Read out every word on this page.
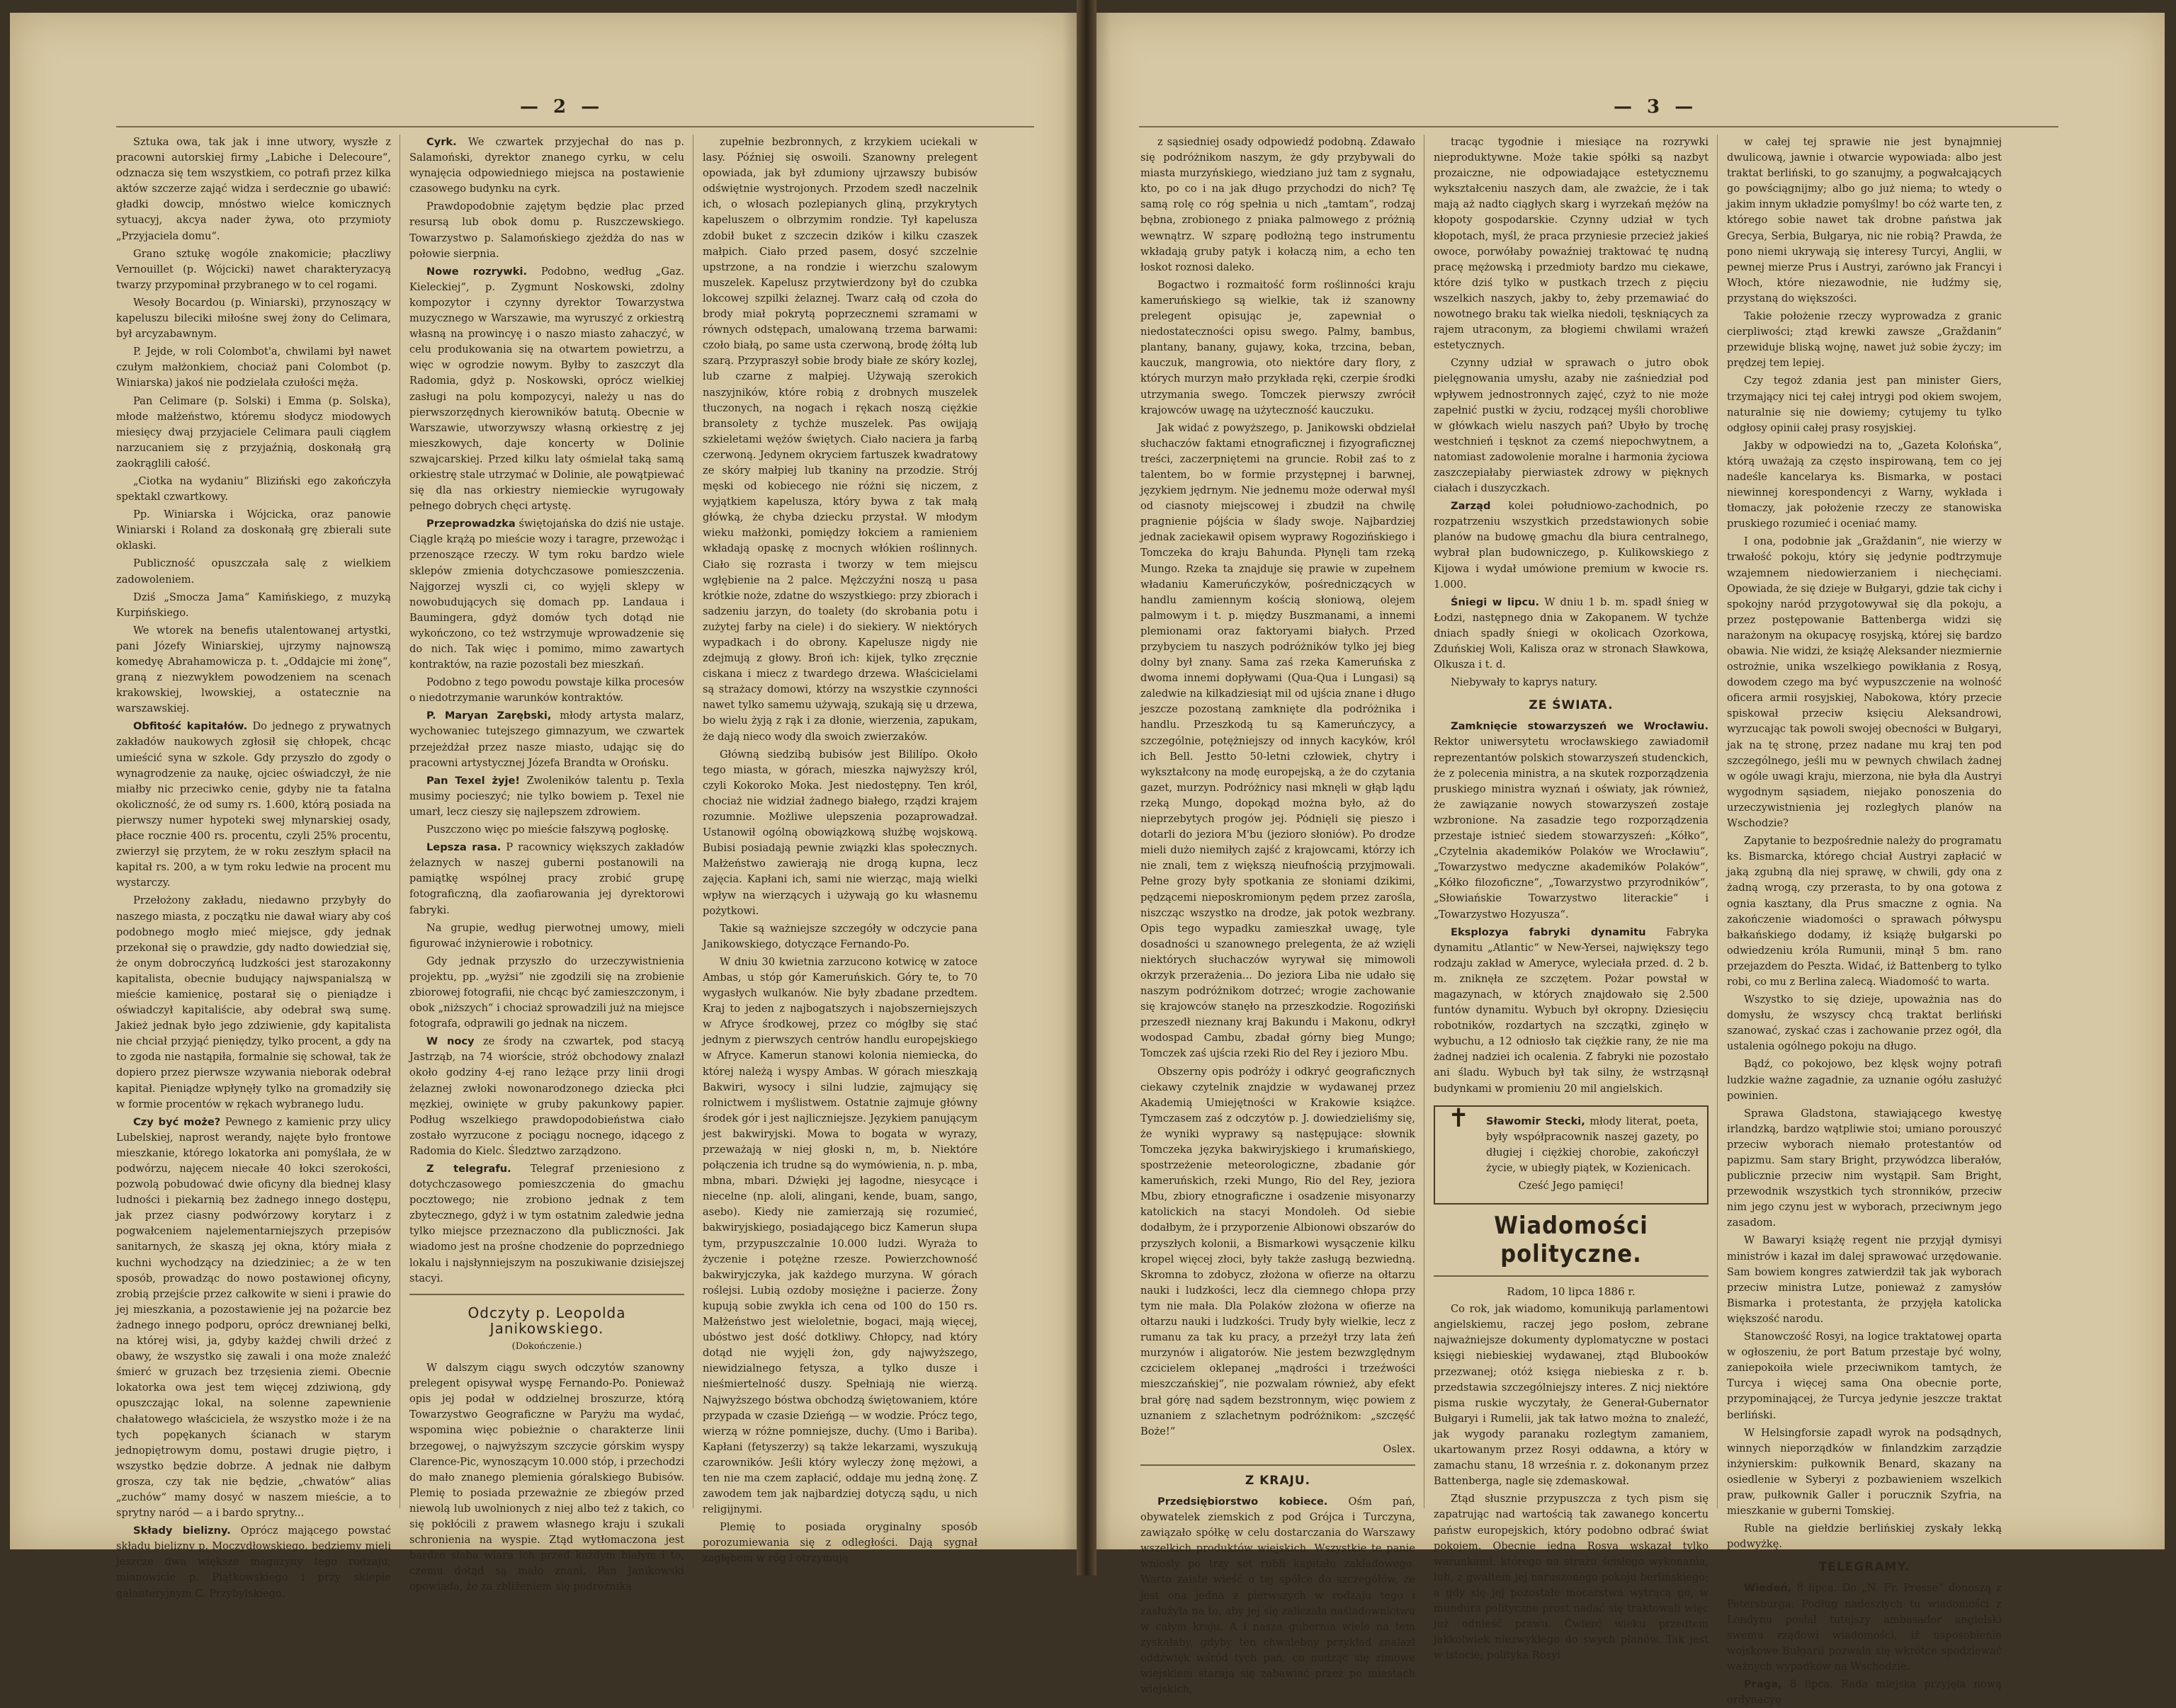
— 2 —

Sztuka owa, tak jak i inne utwory, wyszłe z pracowni autorskiej firmy „Labiche i Delecoure“, odznacza się tem wszystkiem, co potrafi przez kilka aktów szczerze zająć widza i serdecznie go ubawić: gładki dowcip, mnóstwo wielce komicznych sytuacyj, akcya nader żywa, oto przymioty „Przyjaciela domu“.

Grano sztukę wogóle znakomicie; płaczliwy Vernouillet (p. Wójcicki) nawet charakteryzacyą twarzy przypominał przybranego w to cel rogami.

Wesoły Bocardou (p. Winiarski), przynoszący w kapeluszu bileciki miłośne swej żony do Celimara, był arcyzabawnym.

P. Jejde, w roli Colombot'a, chwilami był nawet czułym małżonkiem, chociaż pani Colombot (p. Winiarska) jakoś nie podzielała czułości męża.

Pan Celimare (p. Solski) i Emma (p. Solska), młode małżeństwo, któremu słodycz miodowych miesięcy dwaj przyjaciele Celimara pauli ciągłem narzucaniem się z przyjaźnią, doskonałą grą zaokrąglili całość.

„Ciotka na wydaniu“ Bliziński ego zakończyła spektakl czwartkowy.

Pp. Winiarska i Wójcicka, oraz panowie Winiarski i Roland za doskonałą grę zbierali sute oklaski.

Publiczność opuszczała salę z wielkiem zadowoleniem.

Dziś „Smocza Jama“ Kamińskiego, z muzyką Kurpińskiego.

We wtorek na benefis utalentowanej artystki, pani Józefy Winiarskiej, ujrzymy najnowszą komedyę Abrahamowicza p. t. „Oddajcie mi żonę“, graną z niezwykłem powodzeniem na scenach krakowskiej, lwowskiej, a ostatecznie na warszawskiej.

Obfitość kapitałów. Do jednego z prywatnych zakładów naukowych zgłosił się chłopek, chcąc umieścić syna w szkole. Gdy przyszło do zgody o wynagrodzenie za naukę, ojciec oświadczył, że nie miałby nic przeciwko cenie, gdyby nie ta fatalna okoliczność, że od sumy rs. 1.600, którą posiada na pierwszy numer hypoteki swej młynarskiej osady, płace rocznie 400 rs. procentu, czyli 25% procentu, zwierzył się przytem, że w roku zeszłym spłacił na kapitał rs. 200, a w tym roku ledwie na procent mu wystarczy.

Przełożony zakładu, niedawno przybyły do naszego miasta, z początku nie dawał wiary aby coś podobnego mogło mieć miejsce, gdy jednak przekonał się o prawdzie, gdy nadto dowiedział się, że onym dobroczyńcą ludzkości jest starozakonny kapitalista, obecnie budujący najwspanialszą w mieście kamienicę, postarał się o pieniądze i oświadczył kapitaliście, aby odebrał swą sumę. Jakież jednak było jego zdziwienie, gdy kapitalista nie chciał przyjąć pieniędzy, tylko procent, a gdy na to zgoda nie nastąpiła, formalnie się schował, tak że dopiero przez pierwsze wzywania nieborak odebrał kapitał. Pieniądze wpłynęły tylko na gromadziły się w formie procentów w rękach wybranego ludu.

Czy być może? Pewnego z kamienic przy ulicy Lubelskiej, naprost werandy, najęte było frontowe mieszkanie, którego lokatorka ani pomyślała, że w podwórzu, najęcem niecałe 40 łokci szerokości, pozwolą pobudować dwie oficyny dla biednej klasy ludności i piekarnią bez żadnego innego dostępu, jak przez ciasny podwórzowy korytarz i z pogwałceniem najelementarniejszych przepisów sanitarnych, że skaszą jej okna, który miała z kuchni wychodzący na dziedziniec; a że w ten sposób, prowadząc do nowo postawionej oficyny, zrobią przejście przez całkowite w sieni i prawie do jej mieszkania, a pozostawienie jej na pożarcie bez żadnego innego podporu, oprócz drewnianej belki, na której wisi, ja, gdyby każdej chwili drżeć z obawy, że wszystko się zawali i ona może znaleźć śmierć w gruzach bez trzęsienia ziemi. Obecnie lokatorka owa jest tem więcej zdziwioną, gdy opuszczając lokal, na solenne zapewnienie chałatowego właściciela, że wszystko może i że na tych popękanych ścianach w starym jednopiętrowym domu, postawi drugie piętro, i wszystko będzie dobrze. A jednak nie dałbym grosza, czy tak nie będzie, „chwatów“ alias „zuchów“ mamy dosyć w naszem mieście, a to sprytny naród — a i bardo sprytny...

Składy bielizny. Oprócz mającego powstać składu bielizny p. Moczydłowskiego, będziemy mieli jeszcze dwa większe magazyny tego rodzaju, mianowicie p. Piątkowskiego i przy sklepie galanteryjnym C. Przybylskiego.

Cyrk. We czwartek przyjechał do nas p. Salamoński, dyrektor znanego cyrku, w celu wynajęcia odpowiedniego miejsca na postawienie czasowego budynku na cyrk.

Prawdopodobnie zajętym będzie plac przed resursą lub obok domu p. Ruszczewskiego. Towarzystwo p. Salamońskiego zjeżdża do nas w połowie sierpnia.

Nowe rozrywki. Podobno, według „Gaz. Kieleckiej“, p. Zygmunt Noskowski, zdolny kompozytor i czynny dyrektor Towarzystwa muzycznego w Warszawie, ma wyruszyć z orkiestrą własną na prowincyę i o naszo miasto zahaczyć, w celu produkowania się na otwartem powietrzu, a więc w ogrodzie nowym. Byłby to zaszczyt dla Radomia, gdyż p. Noskowski, oprócz wielkiej zasługi na polu kompozycyi, należy u nas do pierwszorzędnych kierowników batutą. Obecnie w Warszawie, utworzywszy własną orkiestrę z jej mieszkowych, daje koncerty w Dolinie szwajcarskiej. Przed kilku laty ośmielał taką samą orkiestrę stale utrzymać w Dolinie, ale powątpiewać się dla nas orkiestry niemieckie wyrugowały pełnego dobrych chęci artystę.

Przeprowadzka świętojańska do dziś nie ustaje. Ciągle krążą po mieście wozy i taragre, przewożąc i przenoszące rzeczy. W tym roku bardzo wiele sklepów zmienia dotychczasowe pomieszczenia. Najgorzej wyszli ci, co wyjęli sklepy w nowobudujących się domach pp. Landaua i Baumingera, gdyż domów tych dotąd nie wykończono, co też wstrzymuje wprowadzenie się do nich. Tak więc i pomimo, mimo zawartych kontraktów, na razie pozostali bez mieszkań.

Podobno z tego powodu powstaje kilka procesów o niedotrzymanie warunków kontraktów.

P. Maryan Zarębski, młody artysta malarz, wychowaniec tutejszego gimnazyum, we czwartek przejeżdżał przez nasze miasto, udając się do pracowni artystycznej Józefa Brandta w Orońsku.

Pan Texel żyje! Zwoleników talentu p. Texla musimy pocieszyć; nie tylko bowiem p. Texel nie umarł, lecz cieszy się najlepszem zdrowiem.

Puszczono więc po mieście fałszywą pogłoskę.

Lepsza rasa. P racownicy większych zakładów żelaznych w naszej guberni postanowili na pamiątkę wspólnej pracy zrobić grupę fotograficzną, dla zaofiarowania jej dyrektorowi fabryki.

Na grupie, według pierwotnej umowy, mieli figurować inżynierowie i robotnicy.

Gdy jednak przyszło do urzeczywistnienia projektu, pp. „wyżsi“ nie zgodzili się na zrobienie zbiorowej fotografii, nie chcąc być zamieszczonym, i obok „niższych“ i chociaż sprowadzili już na miejsce fotografa, odprawili go jednak na niczem.

W nocy ze środy na czwartek, pod stacyą Jastrząb, na 74 wiorście, stróż obchodowy znalazł około godziny 4-ej rano leżące przy linii drogi żelaznej zwłoki nowonarodzonego dziecka płci męzkiej, owinięte w gruby pakunkowy papier. Podług wszelkiego prawdopodobieństwa ciało zostało wyrzucone z pociągu nocnego, idącego z Radomia do Kielc. Śledztwo zarządzono.

Z telegrafu. Telegraf przeniesiono z dotychczasowego pomieszczenia do gmachu pocztowego; nie zrobiono jednak z tem zbytecznego, gdyż i w tym ostatnim zaledwie jedna tylko miejsce przeznaczono dla publiczności. Jak wiadomo jest na prośne chodzenie do poprzedniego lokalu i najsłynniejszym na poszukiwanie dzisiejszej stacyi.

Odczyty p. Leopolda Janikowskiego.
(Dokończenie.)

W dalszym ciągu swych odczytów szanowny prelegent opisywał wyspę Fernando-Po. Ponieważ opis jej podał w oddzielnej broszurze, którą Towarzystwo Geograficzne w Paryżu ma wydać, wspomina więc pobieżnie o charakterze linii brzegowej, o najwyższym szczycie górskim wyspy Clarence-Pic, wynoszącym 10.000 stóp, i przechodzi do mało znanego plemienia góralskiego Bubisów. Plemię to posiada przeważnie ze zbiegów przed niewolą lub uwolnionych z niej albo też z takich, co się pokłócili z prawem własnego kraju i szukali schronienia na wyspie. Ztąd wytłomaczona jest bardzo słaba wiara ich przed każdym białym i to, czemu dotąd są mało znani. Pan Janikowski opowiada, że za zbliżeniem się podróżnika

zupełnie bezbronnych, z krzykiem uciekali w lasy. Później się oswoili. Szanowny prelegent opowiada, jak był zdumiony ujrzawszy bubisów odświętnie wystrojonych. Przodem szedł naczelnik ich, o włosach pozlepianych gliną, przykrytych kapeluszem o olbrzymim rondzie. Tył kapelusza zdobił buket z szczecin dzików i kilku czaszek małpich. Ciało przed pasem, dosyć szczelnie upstrzone, a na rondzie i wierzchu szalowym muszelek. Kapelusz przytwierdzony był do czubka lokcowej szpilki żelaznej. Twarz całą od czoła do brody miał pokrytą poprzecznemi szramami w równych odstępach, umalowaną trzema barwami: czoło białą, po same usta czerwoną, brodę żółtą lub szarą. Przypraszył sobie brody białe ze skóry kozlej, lub czarne z małpiej. Używają szerokich naszyjników, które robią z drobnych muszelek tłuczonych, na nogach i rękach noszą ciężkie bransolety z tychże muszelek. Pas owijają szkieletami wężów świętych. Ciało naciera ja farbą czerwoną. Jedynem okryciem fartuszek kwadratowy ze skóry małpiej lub tkaniny na przodzie. Strój męski od kobiecego nie różni się niczem, z wyjątkiem kapelusza, który bywa z tak małą główką, że chyba dziecku przystał. W młodym wieku małżonki, pomiędzy łokciem a ramieniem wkładają opaskę z mocnych włókien roślinnych. Ciało się rozrasta i tworzy w tem miejscu wgłębienie na 2 palce. Mężczyźni noszą u pasa krótkie noże, zdatne do wszystkiego: przy zbiorach i sadzeniu jarzyn, do toalety (do skrobania potu i zużytej farby na ciele) i do siekiery. W niektórych wypadkach i do obrony. Kapelusze nigdy nie zdejmują z głowy. Broń ich: kijek, tylko zręcznie ciskana i miecz z twardego drzewa. Właścicielami są strażacy domowi, którzy na wszystkie czynności nawet tylko samemu używają, szukają się u drzewa, bo wielu żyją z rąk i za dłonie, wierzenia, zapukam, że dają nieco wody dla swoich zwierzaków.

Główną siedzibą bubisów jest Bililípo. Około tego miasta, w górach, mieszka najwyższy król, czyli Kokoroko Moka. Jest niedostępny. Ten król, chociaż nie widział żadnego białego, rządzi krajem rozumnie. Możliwe ulepszenia pozaprowadzał. Ustanowił ogólną obowiązkową służbę wojskową. Bubisi posiadają pewnie związki klas społecznych. Małżeństwo zawierają nie drogą kupna, lecz zajęcia. Kapłani ich, sami nie wierząc, mają wielki wpływ na wierzących i używają go ku własnemu pożytkowi.

Takie są ważniejsze szczegóły w odczycie pana Janikowskiego, dotyczące Fernando-Po.

W dniu 30 kwietnia zarzucono kotwicę w zatoce Ambas, u stóp gór Kameruńskich. Góry te, to 70 wygasłych wulkanów. Nie były zbadane przedtem. Kraj to jeden z najbogatszych i najobszerniejszych w Afryce środkowej, przez co mógłby się stać jednym z pierwszych centrów handlu europejskiego w Afryce. Kamerun stanowi kolonia niemiecka, do której należą i wyspy Ambas. W górach mieszkają Bakwiri, wysocy i silni ludzie, zajmujący się rolnictwem i myślistwem. Ostatnie zajmuje główny środek gór i jest najliczniejsze. Językiem panującym jest bakwiryjski. Mowa to bogata w wyrazy, przeważają w niej głoski n, m, b. Niektóre połączenia ich trudne są do wymówienia, n. p. mba, mbna, mbari. Dźwięki jej łagodne, niesycące i niecelne (np. aloli, alingani, kende, buam, sango, asebo). Kiedy nie zamierzają się rozumieć, bakwiryjskiego, posiadającego bicz Kamerun słupa tym, przypuszczalnie 10.000 ludzi. Wyraża to życzenie i potężne rzesze. Powierzchowność bakwiryjczyka, jak każdego murzyna. W górach roślejsi. Lubią ozdoby mosiężne i pacierze. Żony kupują sobie zwykła ich cena od 100 do 150 rs. Małżeństwo jest wieloletnie, bogaci, mają więcej, ubóstwo jest dość dotkliwy. Chłopcy, nad który dotąd nie wyjęli żon, gdy najwyższego, niewidzialnego fetysza, a tylko dusze i nieśmiertelność duszy. Spełniają nie wierzą. Najwyższego bóstwa obchodzą świętowaniem, które przypada w czasie Dzieńgą — w wodzie. Prócz tego, wierzą w różne pomniejsze, duchy. (Umo i Bariba). Kapłani (fetyszerzy) są także lekarzami, wyszukują czarowników. Jeśli który wyleczy żonę mężowi, a ten nie ma czem zapłacić, oddaje mu jedną żonę. Z zawodem tem jak najbardziej dotyczą sądu, u nich religijnymi.

Plemię to posiada oryginalny sposób porozumiewania się z odległości. Dają sygnał zagłębem w róg i otrzymują

— 3 —

z sąsiedniej osady odpowiedź podobną. Zdawało się podróżnikom naszym, że gdy przybywali do miasta murzyńskiego, wiedziano już tam z sygnału, kto, po co i na jak długo przychodzi do nich? Tę samą rolę co róg spełnia u nich „tamtam“, rodzaj bębna, zrobionego z pniaka palmowego z próżnią wewnątrz. W szparę podłożną tego instrumentu wkładają gruby patyk i kołaczą nim, a echo ten łoskot roznosi daleko.

Bogactwo i rozmaitość form roślinności kraju kameruńskiego są wielkie, tak iż szanowny prelegent opisując je, zapewniał o niedostateczności opisu swego. Palmy, bambus, plantany, banany, gujawy, koka, trzcina, beban, kauczuk, mangrowia, oto niektóre dary flory, z których murzyn mało przykłada ręki, czerpie środki utrzymania swego. Tomczek pierwszy zwrócił krajowców uwagę na użyteczność kauczuku.

Jak widać z powyższego, p. Janikowski obdzielał słuchaczów faktami etnograficznej i fizyograficznej treści, zaczerpniętemi na gruncie. Robił zaś to z talentem, bo w formie przystępnej i barwnej, językiem jędrnym. Nie jednemu może oderwał myśl od ciasnoty miejscowej i zbudził na chwilę pragnienie pójścia w ślady swoje. Najbardziej jednak zaciekawił opisem wyprawy Rogozińskiego i Tomczeka do kraju Bahunda. Płynęli tam rzeką Mungo. Rzeka ta znajduje się prawie w zupełnem władaniu Kameruńczyków, pośredniczących w handlu zamiennym kością słoniową, olejem palmowym i t. p. między Buszmanami, a innemi plemionami oraz faktoryami białych. Przed przybyciem tu naszych podróżników tylko jej bieg dolny był znany. Sama zaś rzeka Kameruńska z dwoma innemi dopływami (Qua-Qua i Lungasi) są zaledwie na kilkadziesiąt mil od ujścia znane i długo jeszcze pozostaną zamknięte dla podróżnika i handlu. Przeszkodą tu są Kameruńczycy, a szczególnie, potężniejszy od innych kacyków, król ich Bell. Jestto 50-letni człowiek, chytry i wykształcony na modę europejską, a że do czytania gazet, murzyn. Podróżnicy nasi mknęli w głąb lądu rzeką Mungo, dopokąd można było, aż do nieprzebytych progów jej. Pódnięli się pieszo i dotarli do jeziora M'bu (jezioro słoniów). Po drodze mieli dużo niemiłych zajść z krajowcami, którzy ich nie znali, tem z większą nieufnością przyjmowali. Pełne grozy były spotkania ze słoniami dzikimi, pędzącemi nieposkromionym pędem przez zarośla, niszcząc wszystko na drodze, jak potok wezbrany. Opis tego wypadku zamieszkał uwagę, tyle dosadności u szanownego prelegenta, że aż wzięli niektórych słuchaczów wyrywał się mimowoli okrzyk przerażenia... Do jeziora Liba nie udało się naszym podróżnikom dotrzeć; wrogie zachowanie się krajowców stanęło na przeszkodzie. Rogoziński przeszedł nieznany kraj Bakundu i Makonu, odkrył wodospad Cambu, zbadał górny bieg Mungo; Tomczek zaś ujścia rzeki Rio del Rey i jezioro Mbu.

Obszerny opis podróży i odkryć geograficznych ciekawy czytelnik znajdzie w wydawanej przez Akademią Umiejętności w Krakowie książce. Tymczasem zaś z odczytów p. J. dowiedzieliśmy się, że wyniki wyprawy są następujące: słownik Tomczeka języka bakwiryjskiego i krumańskiego, spostrzeżenie meteorologiczne, zbadanie gór kameruńskich, rzeki Mungo, Rio del Rey, jeziora Mbu, zbiory etnograficzne i osadzenie misyonarzy katolickich na stacyi Mondoleh. Od siebie dodałbym, że i przyporzenie Albionowi obszarów do przyszłych kolonii, a Bismarkowi wysączenie kilku kropel więcej złoci, były także zasługą bezwiedną. Skromna to zdobycz, złożona w ofierze na ołtarzu nauki i ludzkości, lecz dla ciemnego chłopa przy tym nie mała. Dla Polaków złożona w ofierze na ołtarzu nauki i ludzkości. Trudy były wielkie, lecz z rumanu za tak ku pracy, a przeżył trzy lata żeń murzynów i aligatorów. Nie jestem bezwzględnym czcicielem oklepanej „mądrości i trzeźwości mieszczańskiej“, nie pozwalam również, aby efekt brał górę nad sądem bezstronnym, więc powiem z uznaniem z szlachetnym podróżnikom: „szczęść Boże!“

Oslex.

Z KRAJU.

Przedsiębiorstwo kobiece. Ośm pań, obywatelek ziemskich z pod Grójca i Turczyna, zawiązało spółkę w celu dostarczania do Warszawy wszelkich produktów wiejskich. Wszystkie te panie wniosły po trzy set rubli kapitału zakładowego. Warto zaiste wieść o tej spółce do szczegółów, że jest ona jedna z pierwszych w rodzaju tego i zasłużyła na to, aby jej się zaliczała naśladownictwu w całym kraju. A i nasza gubernia wiele na tem zyskałaby, gdyby ten chwalebny przykład znalazł oddźwięk wśród tych pań, co nudząc się zimowe wiejskiem starają się zabawiać przez po miastach wiejskich,

tracąc tygodnie i miesiące na rozrywki nieproduktywne. Może takie spółki są nazbyt prozaiczne, nie odpowiadające estetycznemu wykształceniu naszych dam, ale zważcie, że i tak mają aż nadto ciągłych skarg i wyrzekań mężów na kłopoty gospodarskie. Czynny udział w tych kłopotach, myśl, że praca przyniesie przecież jakieś owoce, porwółaby powaźniej traktować tę nudną pracę mężowską i przedmioty bardzo mu ciekawe, które dziś tylko w pustkach trzech z pięciu wszelkich naszych, jakby to, żeby przemawiać do nowotnego braku tak wielka niedoli, tęskniących za rajem utraconym, za błogiemi chwilami wrażeń estetycznych.

Czynny udział w sprawach o jutro obok pielęgnowania umysłu, azaby nie zaśniedział pod wpływem jednostronnych zajęć, czyż to nie może zapełnić pustki w życiu, rodzącej myśli chorobliwe w główkach wielu naszych pań? Ubyło by trochę westchnień i tęsknot za czemś niepochwytnem, a natomiast zadowolenie moralne i harmonia życiowa zaszczepiałaby pierwiastek zdrowy w pięknych ciałach i duszyczkach.

Zarząd kolei południowo-zachodnich, po rozpatrzeniu wszystkich przedstawionych sobie planów na budowę gmachu dla biura centralnego, wybrał plan budowniczego, p. Kulikowskiego z Kijowa i wydał umówione premium w kwocie rs. 1.000.

Śniegi w lipcu. W dniu 1 b. m. spadł śnieg w Łodzi, następnego dnia w Zakopanem. W tychże dniach spadły śniegi w okolicach Ozorkowa, Zduńskiej Woli, Kalisza oraz w stronach Sławkowa, Olkusza i t. d.

Niebywały to kaprys natury.

ZE ŚWIATA.

Zamknięcie stowarzyszeń we Wrocławiu. Rektor uniwersytetu wrocławskiego zawiadomił reprezentantów polskich stowarzyszeń studenckich, że z polecenia ministra, a na skutek rozporządzenia pruskiego ministra wyznań i oświaty, jak również, że zawiązanie nowych stowarzyszeń zostaje wzbronione. Na zasadzie tego rozporządzenia przestaje istnieć siedem stowarzyszeń: „Kółko“, „Czytelnia akademików Polaków we Wrocławiu“, „Towarzystwo medyczne akademików Polaków“, „Kółko filozoficzne“, „Towarzystwo przyrodników“, „Słowiańskie Towarzystwo literackie“ i „Towarzystwo Hozyusza“.

Eksplozya fabryki dynamitu Fabryka dynamitu „Atlantic“ w New-Yersei, największy tego rodzaju zakład w Ameryce, wyleciała przed. d. 2 b. m. zniknęła ze szczętem. Pożar powstał w magazynach, w których znajdowało się 2.500 funtów dynamitu. Wybuch był okropny. Dziesięciu robotników, rozdartych na szczątki, zginęło w wybuchu, a 12 odniosło tak ciężkie rany, że nie ma żadnej nadziei ich ocalenia. Z fabryki nie pozostało ani śladu. Wybuch był tak silny, że wstrząsnął budynkami w promieniu 20 mil angielskich.

✝ Sławomir Stecki, młody literat, poeta, były współpracownik naszej gazety, po długiej i ciężkiej chorobie, zakończył życie, w ubiegły piątek, w Kozienicach.

Cześć Jego pamięci!

Wiadomości polityczne.

Radom, 10 lipca 1886 r.

Co rok, jak wiadomo, komunikują parlamentowi angielskiemu, raczej jego posłom, zebrane najważniejsze dokumenty dyplomatyczne w postaci księgi niebieskiej wydawanej, ztąd Blubooków przezwanej; otóż księga niebieska z r. b. przedstawia szczególniejszy interes. Z nicj niektóre pisma ruskie wyczytały, że Generał-Gubernator Bułgaryi i Rumelii, jak tak łatwo można to znaleźć, jak wygody paranaku rozlegtym zamaniem, ukartowanym przez Rosyi oddawna, a który w zamachu stanu, 18 września r. z. dokonanym przez Battenberga, nagle się zdemaskował.

Ztąd słusznie przypuszcza z tych pism się zapatrując nad wartością tak zawanego koncertu państw europejskich, który podobno odbrać świat pokojem. Obecnie jedna Rosya wskazał tylko warunkami, którego na strażu ścisłego wykonania, lub, z gwałtem jej naruszonego pokoju berlińskiego; a gdy się jej pozostałe mocarstwa wytrącą go, w mundura polityczne prost nadać się traktowali więc już odnieść prawu. Ćwierć wieku przedtem jakkolwiek niezwykłego do swych planów. Tak jest w istocie; polityka Rosyi

w całej tej sprawie nie jest bynajmniej dwulicową, jawnie i otwarcie wypowiada: albo jest traktat berliński, to go szanujmy, a pogwałcających go powściągnijmy; albo go już niema; to wtedy o jakim innym układzie pomyślmy! bo cóż warte ten, z którego sobie nawet tak drobne państwa jak Grecya, Serbia, Bułgarya, nic nie robią? Prawda, że pono niemi ukrywają się interesy Turcyi, Anglii, w pewnej mierze Prus i Austryi, zarówno jak Francyi i Włoch, które niezawodnie, nie łudźmy się, przystaną do większości.

Takie położenie rzeczy wyprowadza z granic cierpliwości; ztąd krewki zawsze „Graždanin“ przewiduje bliską wojnę, nawet już sobie życzy; im prędzej tem lepiej.

Czy tegoż zdania jest pan minister Giers, trzymający nici tej całej intrygi pod okiem swojem, naturalnie się nie dowiemy; cytujemy tu tylko odgłosy opinii całej prasy rosyjskiej.

Jakby w odpowiedzi na to, „Gazeta Kolońska“, którą uważają za często inspirowaną, tem co jej nadeśle kancelarya ks. Bismarka, w postaci niewinnej korespondencyi z Warny, wykłada i tłomaczy, jak położenie rzeczy ze stanowiska pruskiego rozumieć i oceniać mamy.

I ona, podobnie jak „Graždanin“, nie wierzy w trwałość pokoju, który się jedynie podtrzymuje wzajemnem niedowierzaniem i niechęciami. Opowiada, że się dzieje w Bułgaryi, gdzie tak cichy i spokojny naród przygotowywał się dla pokoju, a przez postępowanie Battenberga widzi się narażonym na okupacyę rosyjską, której się bardzo obawia. Nie widzi, że książę Aleksander niezmiernie ostrożnie, unika wszelkiego powikłania z Rosyą, dowodem czego ma być wypuszczenie na wolność oficera armii rosyjskiej, Nabokowa, który przecie spiskował przeciw księciu Aleksandrowi, wyrzucając tak powoli swojej obecności w Bułgaryi, jak na tę stronę, przez nadane mu kraj ten pod szczególnego, jeśli mu w pewnych chwilach żadnej w ogóle uwagi kraju, mierzona, nie była dla Austryi wygodnym sąsiadem, niejako ponoszenia do urzeczywistnienia jej rozległych planów na Wschodzie?

Zapytanie to bezpośrednie należy do programatu ks. Bismarcka, którego chciał Austryi zapłacić w jaką zgubną dla niej sprawę, w chwili, gdy ona z żadną wrogą, czy przerasta, to by ona gotowa z ognia kasztany, dla Prus smaczne z ognia. Na zakończenie wiadomości o sprawach półwyspu bałkańskiego dodamy, iż książę bułgarski po odwiedzeniu króla Rumunii, minął 5 bm. rano przejazdem do Peszta. Widać, iż Battenberg to tylko robi, co mu z Berlina zalecą. Wiadomość to warta.

Wszystko to się dzieje, upoważnia nas do domysłu, że wszyscy chcą traktat berliński szanować, zyskać czas i zachowanie przez ogół, dla ustalenia ogólnego pokoju na długo.

Bądź, co pokojowo, bez klęsk wojny potrafi ludzkie ważne zagadnie, za uznanie ogółu zasłużyć powinien.

Sprawa Gladstona, stawiającego kwestyę irlandzką, bardzo wątpliwie stoi; umiano porouszyć przeciw wyborach niemało protestantów od papizmu. Sam stary Bright, przywódzca liberałów, publicznie przeciw nim wystąpił. Sam Bright, przewodnik wszystkich tych stronników, przeciw nim jego czynu jest w wyborach, przeciwnym jego zasadom.

W Bawaryi książę regent nie przyjął dymisyi ministrów i kazał im dalej sprawować urzędowanie. Sam bowiem kongres zatwierdził tak jak wyborach przeciw ministra Lutze, ponieważ z zamysłów Bismarka i protestanta, że przyjęła katolicka większość narodu.

Stanowczość Rosyi, na logice traktatowej oparta w ogłoszeniu, że port Batum przestaje być wolny, zaniepokoiła wiele przeciwnikom tamtych, że Turcya i więcej sama Ona obecnie porte, przypominającej, że Turcya jedynie jeszcze traktat berliński.

W Helsingforsie zapadł wyrok na podsądnych, winnych nieporządków w finlandzkim zarządzie inżynierskim: pułkownik Benard, skazany na osiedlenie w Syberyi z pozbawieniem wszelkich praw, pułkownik Galler i porucznik Szyfria, na mieszkanie w guberni Tomskiej.

Ruble na giełdzie berlińskiej zyskały lekką podwyżkę.

TELEGRAMY.

Wiedeń, 8 lipca. Do „N. Fr. Presse“ donoszą z Petersburga: Podług nadeszłych tu wiadomości z Londynu posłał tutejszy ambasador angielski swemu rządowi wiadomości, iż usposobienie wojskowe Bułgarii pozwala się wkrótce spodziewać ważnych wypadków na Wschodzie.

Praga, 8 lipca. Rada miejska przyjęła nową ordynacyę
